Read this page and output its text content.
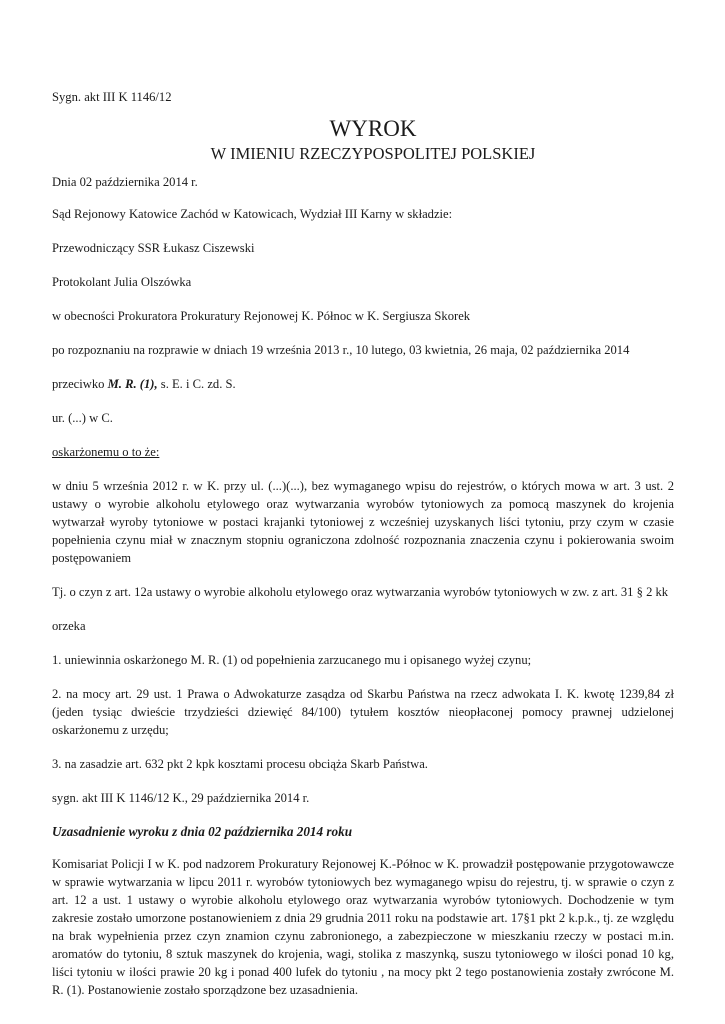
Sygn. akt III K 1146/12

WYROK

W IMIENIU RZECZYPOSPOLITEJ POLSKIEJ

Dnia 02 października 2014 r.

Sąd Rejonowy Katowice Zachód w Katowicach, Wydział III Karny w składzie:

Przewodniczący SSR Łukasz Ciszewski

Protokolant Julia Olszówka

w obecności Prokuratora Prokuratury Rejonowej K. Północ w K. Sergiusza Skorek

po rozpoznaniu na rozprawie w dniach 19 września 2013 r., 10 lutego, 03 kwietnia, 26 maja, 02 października 2014

przeciwko M. R. (1), s. E. i C. zd. S.

ur. (...) w C.

oskarżonemu o to że:

w dniu 5 września 2012 r. w K. przy ul. (...)(...), bez wymaganego wpisu do rejestrów, o których mowa w art. 3 ust. 2 ustawy o wyrobie alkoholu etylowego oraz wytwarzania wyrobów tytoniowych za pomocą maszynek do krojenia wytwarzał wyroby tytoniowe w postaci krajanki tytoniowej z wcześniej uzyskanych liści tytoniu, przy czym w czasie popełnienia czynu miał w znacznym stopniu ograniczona zdolność rozpoznania znaczenia czynu i pokierowania swoim postępowaniem

Tj. o czyn z art. 12a ustawy o wyrobie alkoholu etylowego oraz wytwarzania wyrobów tytoniowych w zw. z art. 31 § 2 kk

orzeka

1. uniewinnia oskarżonego M. R. (1) od popełnienia zarzucanego mu i opisanego wyżej czynu;

2. na mocy art. 29 ust. 1 Prawa o Adwokaturze zasądza od Skarbu Państwa na rzecz adwokata I. K. kwotę 1239,84 zł (jeden tysiąc dwieście trzydzieści dziewięć 84/100) tytułem kosztów nieopłaconej pomocy prawnej udzielonej oskarżonemu z urzędu;

3. na zasadzie art. 632 pkt 2 kpk kosztami procesu obciąża Skarb Państwa.

sygn. akt III K 1146/12 K., 29 października 2014 r.

Uzasadnienie wyroku z dnia 02 października 2014 roku

Komisariat Policji I w K. pod nadzorem Prokuratury Rejonowej K.-Północ w K. prowadził postępowanie przygotowawcze w sprawie wytwarzania w lipcu 2011 r. wyrobów tytoniowych bez wymaganego wpisu do rejestru, tj. w sprawie o czyn z art. 12 a ust. 1 ustawy o wyrobie alkoholu etylowego oraz wytwarzania wyrobów tytoniowych. Dochodzenie w tym zakresie zostało umorzone postanowieniem z dnia 29 grudnia 2011 roku na podstawie art. 17§1 pkt 2 k.p.k., tj. ze względu na brak wypełnienia przez czyn znamion czynu zabronionego, a zabezpieczone w mieszkaniu rzeczy w postaci m.in. aromatów do tytoniu, 8 sztuk maszynek do krojenia, wagi, stolika z maszynką, suszu tytoniowego w ilości ponad 10 kg, liści tytoniu w ilości prawie 20 kg i ponad 400 lufek do tytoniu , na mocy pkt 2 tego postanowienia zostały zwrócone M. R. (1). Postanowienie zostało sporządzone bez uzasadnienia.
